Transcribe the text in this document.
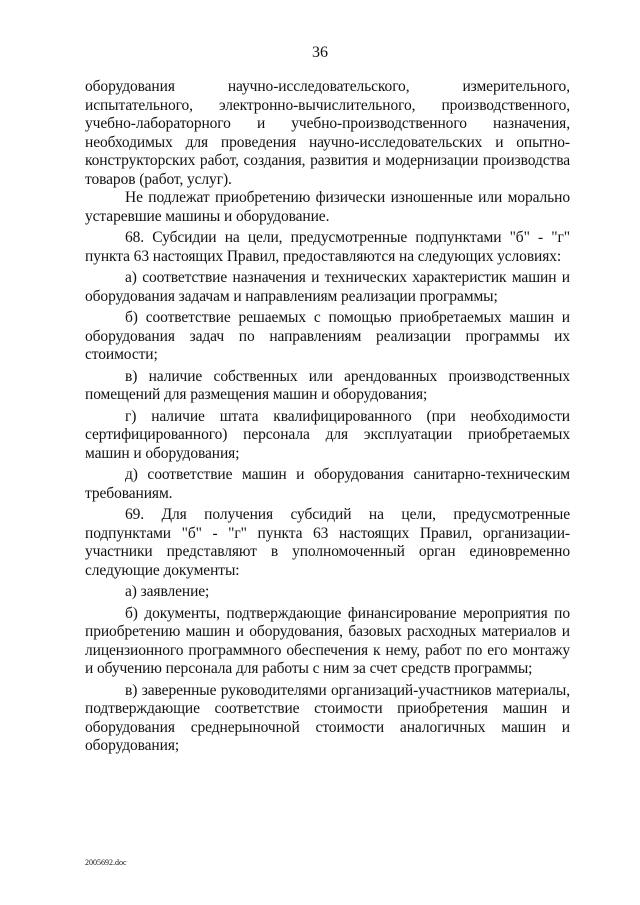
36

оборудования научно-исследовательского, измерительного, испытательного, электронно-вычислительного, производственного, учебно-лабораторного и учебно-производственного назначения, необходимых для проведения научно-исследовательских и опытно-конструкторских работ, создания, развития и модернизации производства товаров (работ, услуг).

Не подлежат приобретению физически изношенные или морально устаревшие машины и оборудование.

68. Субсидии на цели, предусмотренные подпунктами "б" - "г" пункта 63 настоящих Правил, предоставляются на следующих условиях:

а) соответствие назначения и технических характеристик машин и оборудования задачам и направлениям реализации программы;

б) соответствие решаемых с помощью приобретаемых машин и оборудования задач по направлениям реализации программы их стоимости;

в) наличие собственных или арендованных производственных помещений для размещения машин и оборудования;

г) наличие штата квалифицированного (при необходимости сертифицированного) персонала для эксплуатации приобретаемых машин и оборудования;

д) соответствие машин и оборудования санитарно-техническим требованиям.

69. Для получения субсидий на цели, предусмотренные подпунктами "б" - "г" пункта 63 настоящих Правил, организации-участники представляют в уполномоченный орган единовременно следующие документы:

а) заявление;

б) документы, подтверждающие финансирование мероприятия по приобретению машин и оборудования, базовых расходных материалов и лицензионного программного обеспечения к нему, работ по его монтажу и обучению персонала для работы с ним за счет средств программы;

в) заверенные руководителями организаций-участников материалы, подтверждающие соответствие стоимости приобретения машин и оборудования среднерыночной стоимости аналогичных машин и оборудования;

2005692.doc
